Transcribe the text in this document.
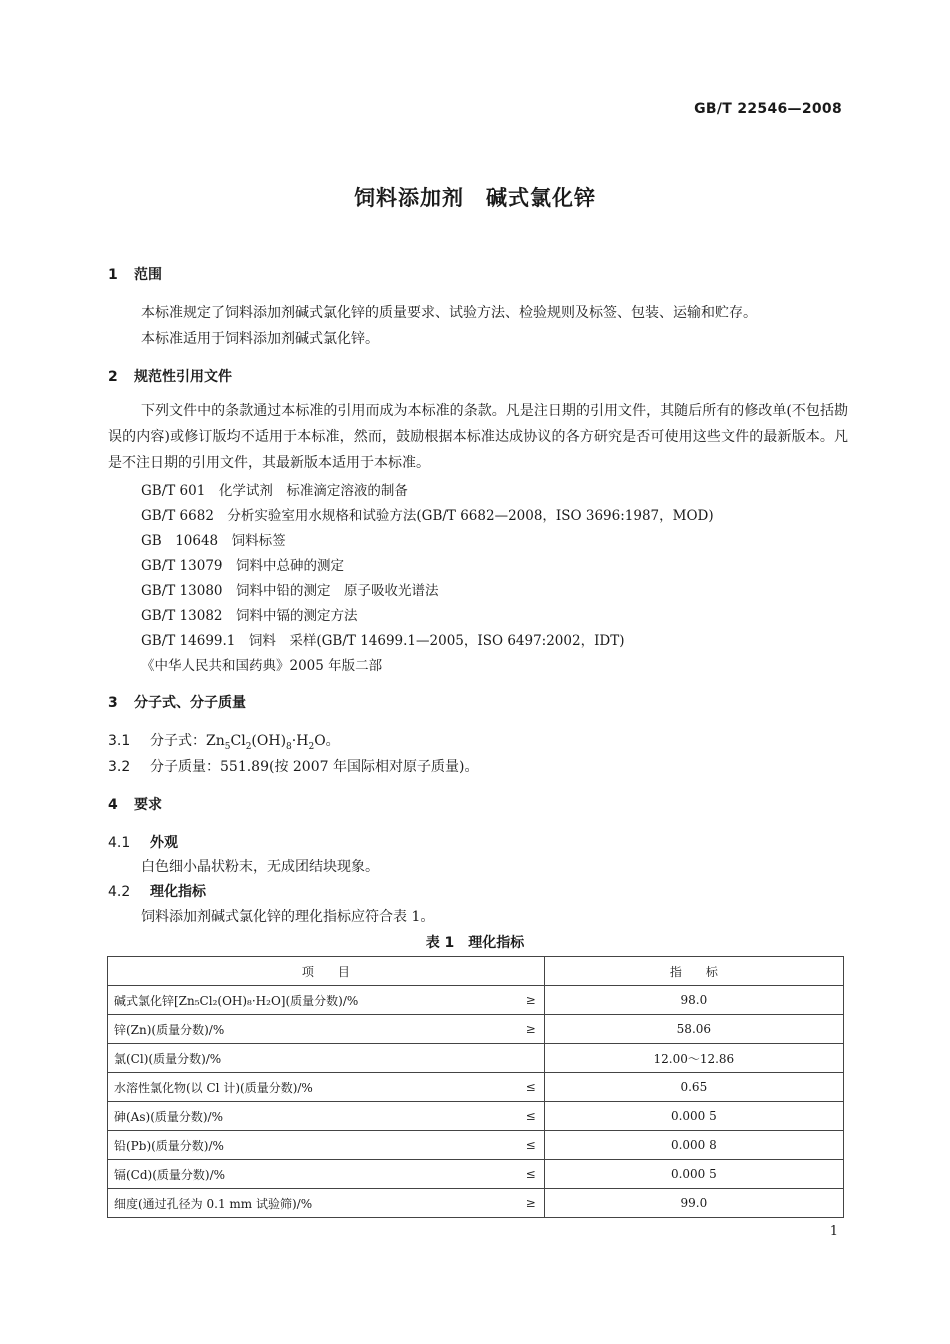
GB/T 22546—2008
饲料添加剂　碱式氯化锌
1 范围
本标准规定了饲料添加剂碱式氯化锌的质量要求、试验方法、检验规则及标签、包装、运输和贮存。
本标准适用于饲料添加剂碱式氯化锌。
2 规范性引用文件
下列文件中的条款通过本标准的引用而成为本标准的条款。凡是注日期的引用文件，其随后所有的修改单(不包括勘误的内容)或修订版均不适用于本标准，然而，鼓励根据本标准达成协议的各方研究是否可使用这些文件的最新版本。凡是不注日期的引用文件，其最新版本适用于本标准。
GB/T 601　化学试剂　标准滴定溶液的制备
GB/T 6682　分析实验室用水规格和试验方法(GB/T 6682—2008，ISO 3696:1987，MOD)
GB　10648　饲料标签
GB/T 13079　饲料中总砷的测定
GB/T 13080　饲料中铅的测定　原子吸收光谱法
GB/T 13082　饲料中镉的测定方法
GB/T 14699.1　饲料　采样(GB/T 14699.1—2005，ISO 6497:2002，IDT)
《中华人民共和国药典》2005 年版二部
3 分子式、分子质量
3.1 分子式：$Zn_5Cl_2(OH)_8\cdot H_2O$。
3.2 分子质量：551.89(按 2007 年国际相对原子质量)。
4 要求
4.1 外观
白色细小晶状粉末，无成团结块现象。
4.2 理化指标
饲料添加剂碱式氯化锌的理化指标应符合表 1。
表 1　理化指标
项　　目		指　　标
碱式氯化锌[Zn₅Cl₂(OH)₈·H₂O](质量分数)/%	≥	98.0
锌(Zn)(质量分数)/%	≥	58.06
氯(Cl)(质量分数)/%		12.00～12.86
水溶性氯化物(以 Cl 计)(质量分数)/%	≤	0.65
砷(As)(质量分数)/%	≤	0.000 5
铅(Pb)(质量分数)/%	≤	0.000 8
镉(Cd)(质量分数)/%	≤	0.000 5
细度(通过孔径为 0.1 mm 试验筛)/%	≥	99.0
1
